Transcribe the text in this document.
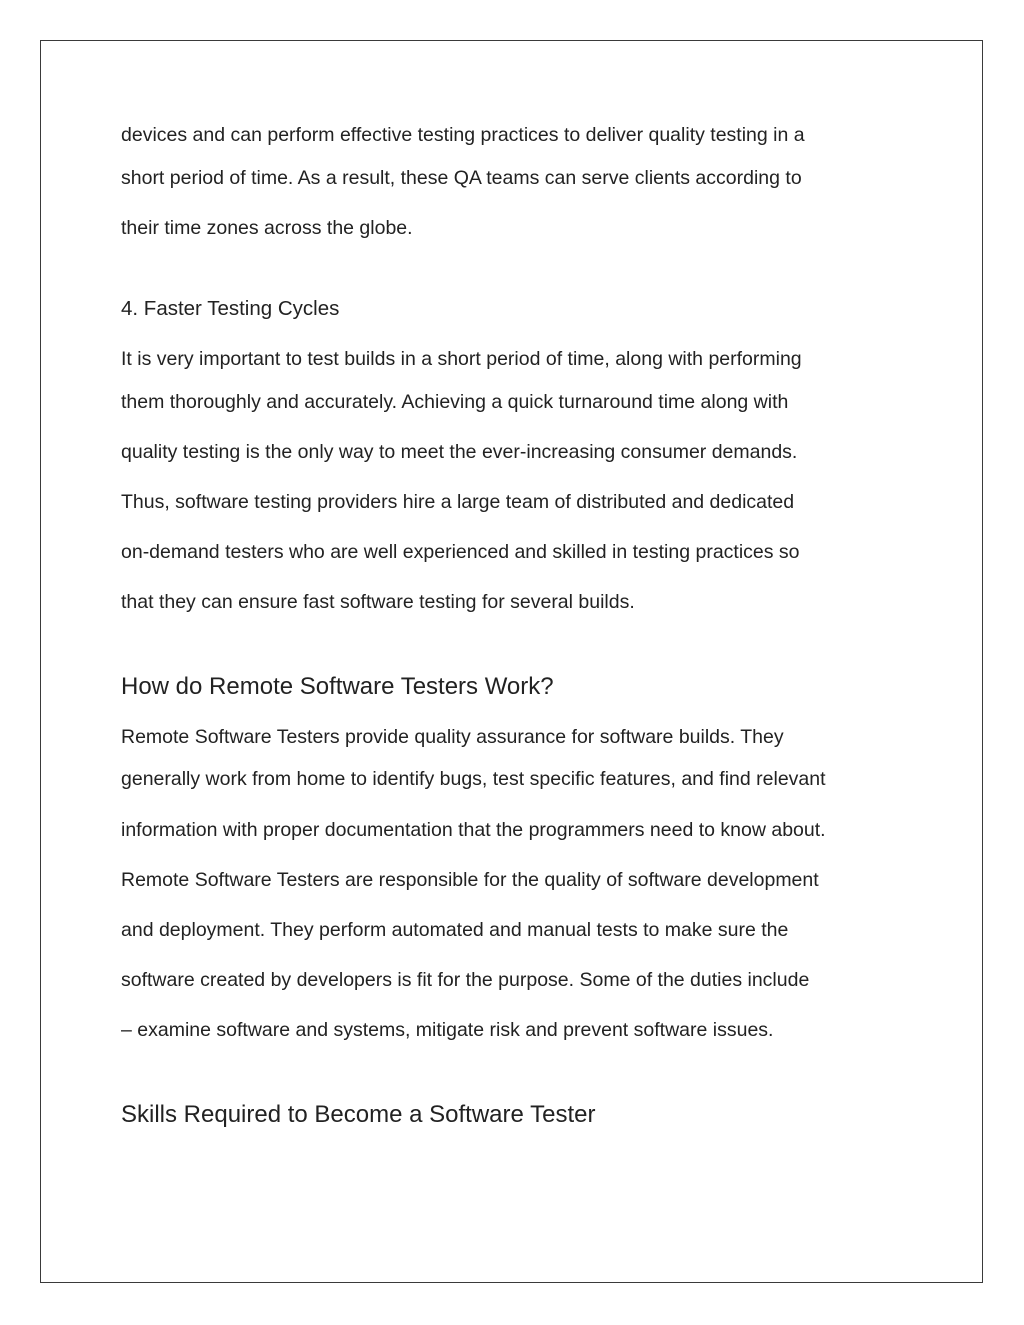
devices and can perform effective testing practices to deliver quality testing in a
short period of time. As a result, these QA teams can serve clients according to
their time zones across the globe.
4. Faster Testing Cycles
It is very important to test builds in a short period of time, along with performing
them thoroughly and accurately. Achieving a quick turnaround time along with
quality testing is the only way to meet the ever-increasing consumer demands.
Thus, software testing providers hire a large team of distributed and dedicated
on-demand testers who are well experienced and skilled in testing practices so
that they can ensure fast software testing for several builds.
How do Remote Software Testers Work?
Remote Software Testers provide quality assurance for software builds. They
generally work from home to identify bugs, test specific features, and find relevant
information with proper documentation that the programmers need to know about.
Remote Software Testers are responsible for the quality of software development
and deployment. They perform automated and manual tests to make sure the
software created by developers is fit for the purpose. Some of the duties include
– examine software and systems, mitigate risk and prevent software issues.
Skills Required to Become a Software Tester
